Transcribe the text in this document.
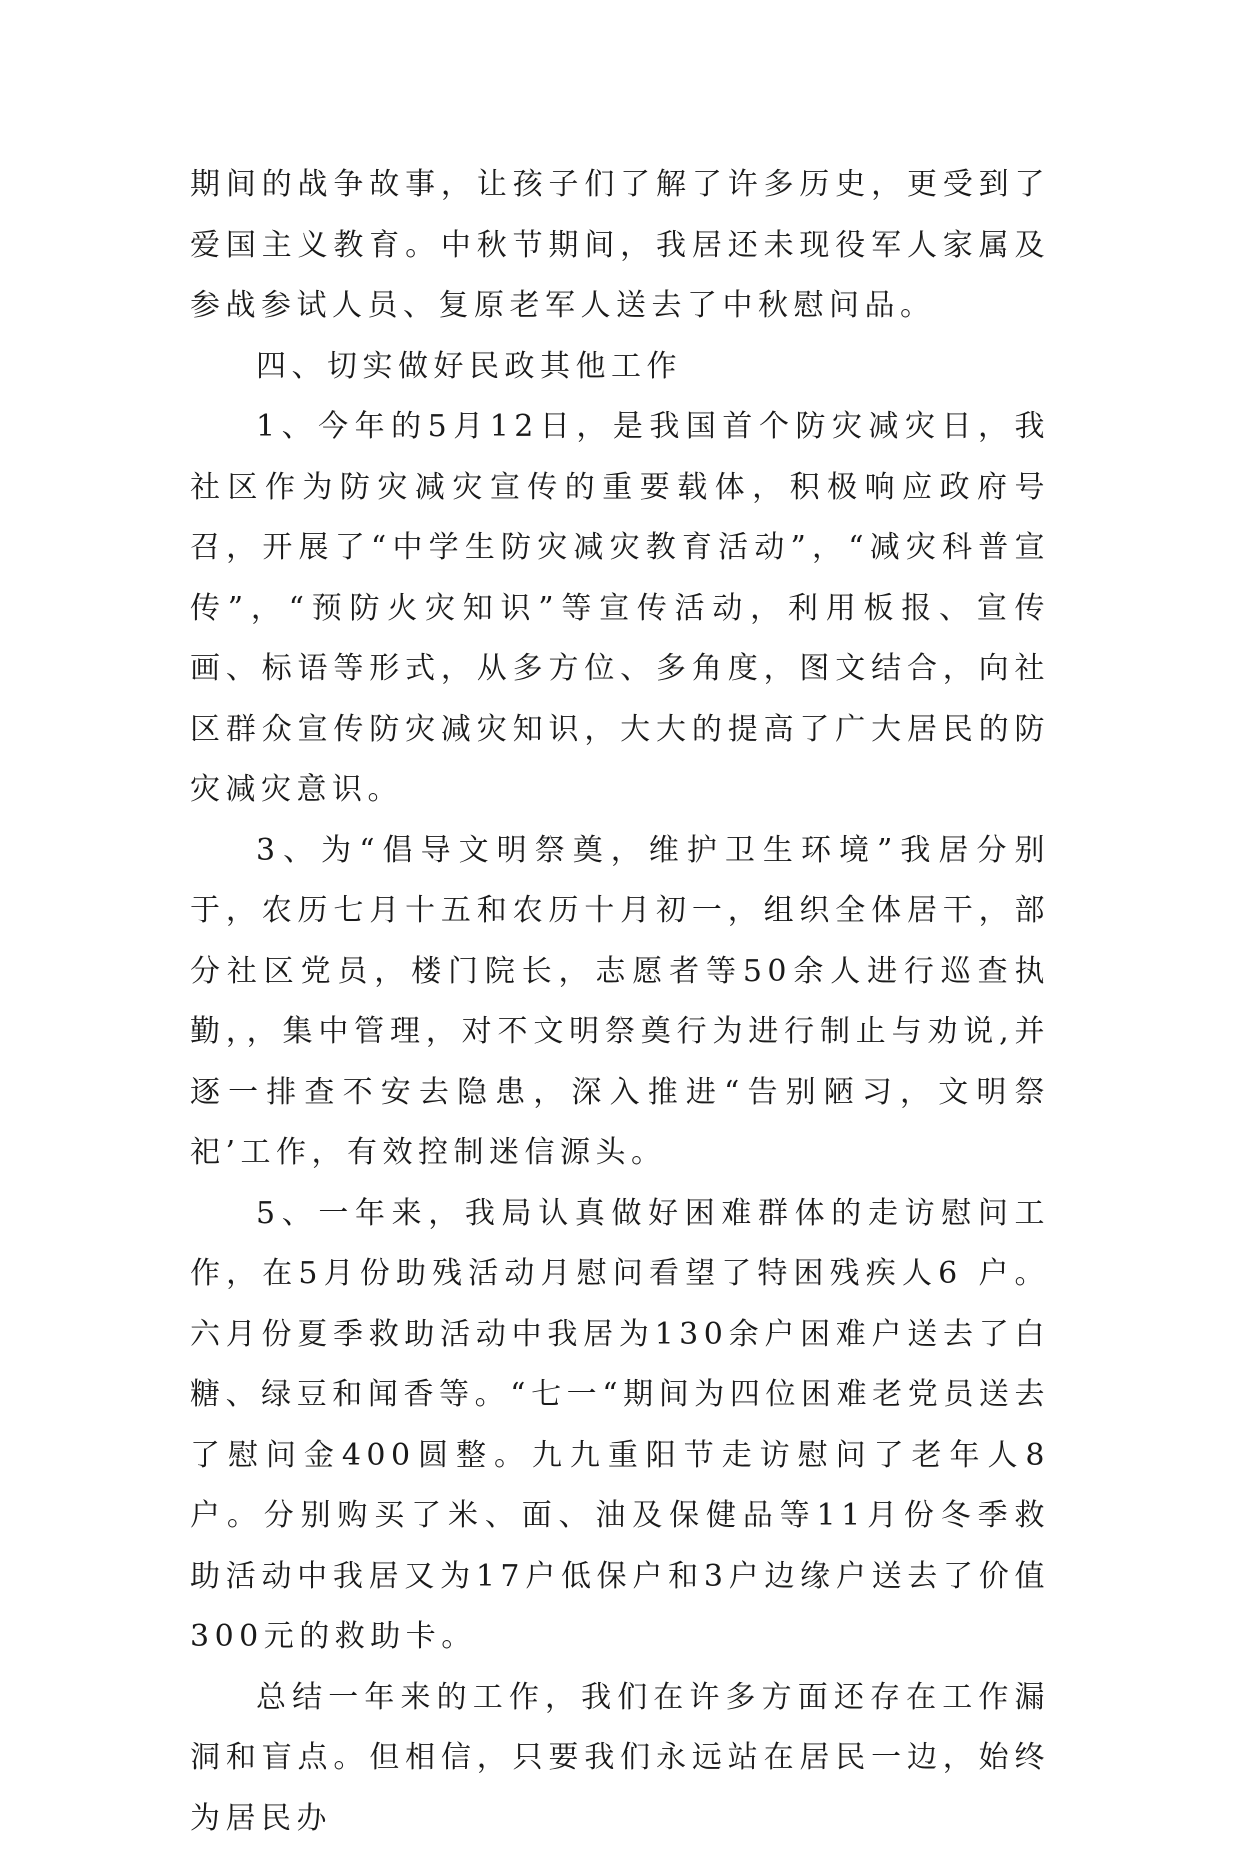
期间的战争故事，让孩子们了解了许多历史，更受到了爱国主义教育。中秋节期间，我居还未现役军人家属及参战参试人员、复原老军人送去了中秋慰问品。

四、切实做好民政其他工作

1、今年的5月12日，是我国首个防灾减灾日，我社区作为防灾减灾宣传的重要载体，积极响应政府号召，开展了“中学生防灾减灾教育活动”，“减灾科普宣传”，“预防火灾知识”等宣传活动，利用板报、宣传画、标语等形式，从多方位、多角度，图文结合，向社区群众宣传防灾减灾知识，大大的提高了广大居民的防灾减灾意识。

3、为“倡导文明祭奠，维护卫生环境”我居分别于，农历七月十五和农历十月初一，组织全体居干，部分社区党员，楼门院长，志愿者等50余人进行巡查执勤，，集中管理，对不文明祭奠行为进行制止与劝说,并逐一排查不安去隐患，深入推进“告别陋习，文明祭祀’工作，有效控制迷信源头。

5、一年来，我局认真做好困难群体的走访慰问工作，在5月份助残活动月慰问看望了特困残疾人6 户。六月份夏季救助活动中我居为130余户困难户送去了白糖、绿豆和闻香等。“七一“期间为四位困难老党员送去了慰问金400圆整。九九重阳节走访慰问了老年人8户。分别购买了米、面、油及保健品等11月份冬季救助活动中我居又为17户低保户和3户边缘户送去了价值300元的救助卡。

总结一年来的工作，我们在许多方面还存在工作漏洞和盲点。但相信，只要我们永远站在居民一边，始终为居民办
